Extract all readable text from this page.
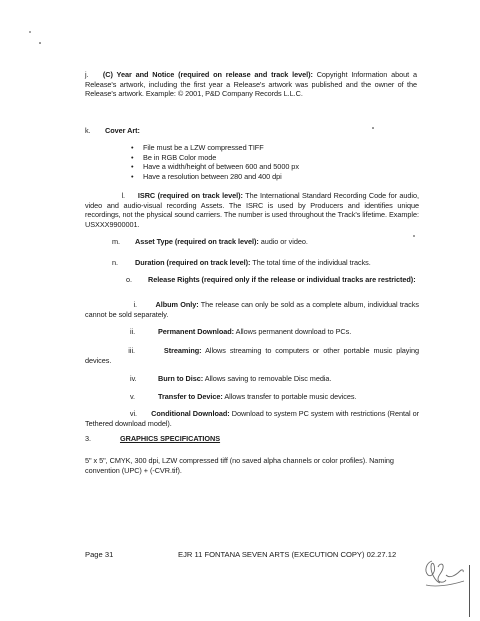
j. (C) Year and Notice (required on release and track level): Copyright Information about a Release's artwork, including the first year a Release's artwork was published and the owner of the Release's artwork. Example: © 2001, P&D Company Records L.L.C.
k. Cover Art:
• File must be a LZW compressed TIFF
• Be in RGB Color mode
• Have a width/height of between 600 and 5000 px
• Have a resolution between 280 and 400 dpi
l. ISRC (required on track level): The International Standard Recording Code for audio, video and audio-visual recording Assets. The ISRC is used by Producers and identifies unique recordings, not the physical sound carriers. The number is used throughout the Track's lifetime. Example: USXXX9900001.
m. Asset Type (required on track level): audio or video.
n. Duration (required on track level): The total time of the individual tracks.
o. Release Rights (required only if the release or individual tracks are restricted):
i.	Album Only: The release can only be sold as a complete album, individual tracks cannot be sold separately.
ii.	Permanent Download: Allows permanent download to PCs.
iii.	Streaming: Allows streaming to computers or other portable music playing devices.
iv.	Burn to Disc: Allows saving to removable Disc media.
v.	Transfer to Device: Allows transfer to portable music devices.
vi. Conditional Download: Download to system PC system with restrictions (Rental or Tethered download model).
3.	GRAPHICS SPECIFICATIONS
5" x 5", CMYK, 300 dpi, LZW compressed tiff (no saved alpha channels or color profiles). Naming convention (UPC) + (-CVR.tif).
Page 31	EJR 11 FONTANA SEVEN ARTS (EXECUTION COPY) 02.27.12
